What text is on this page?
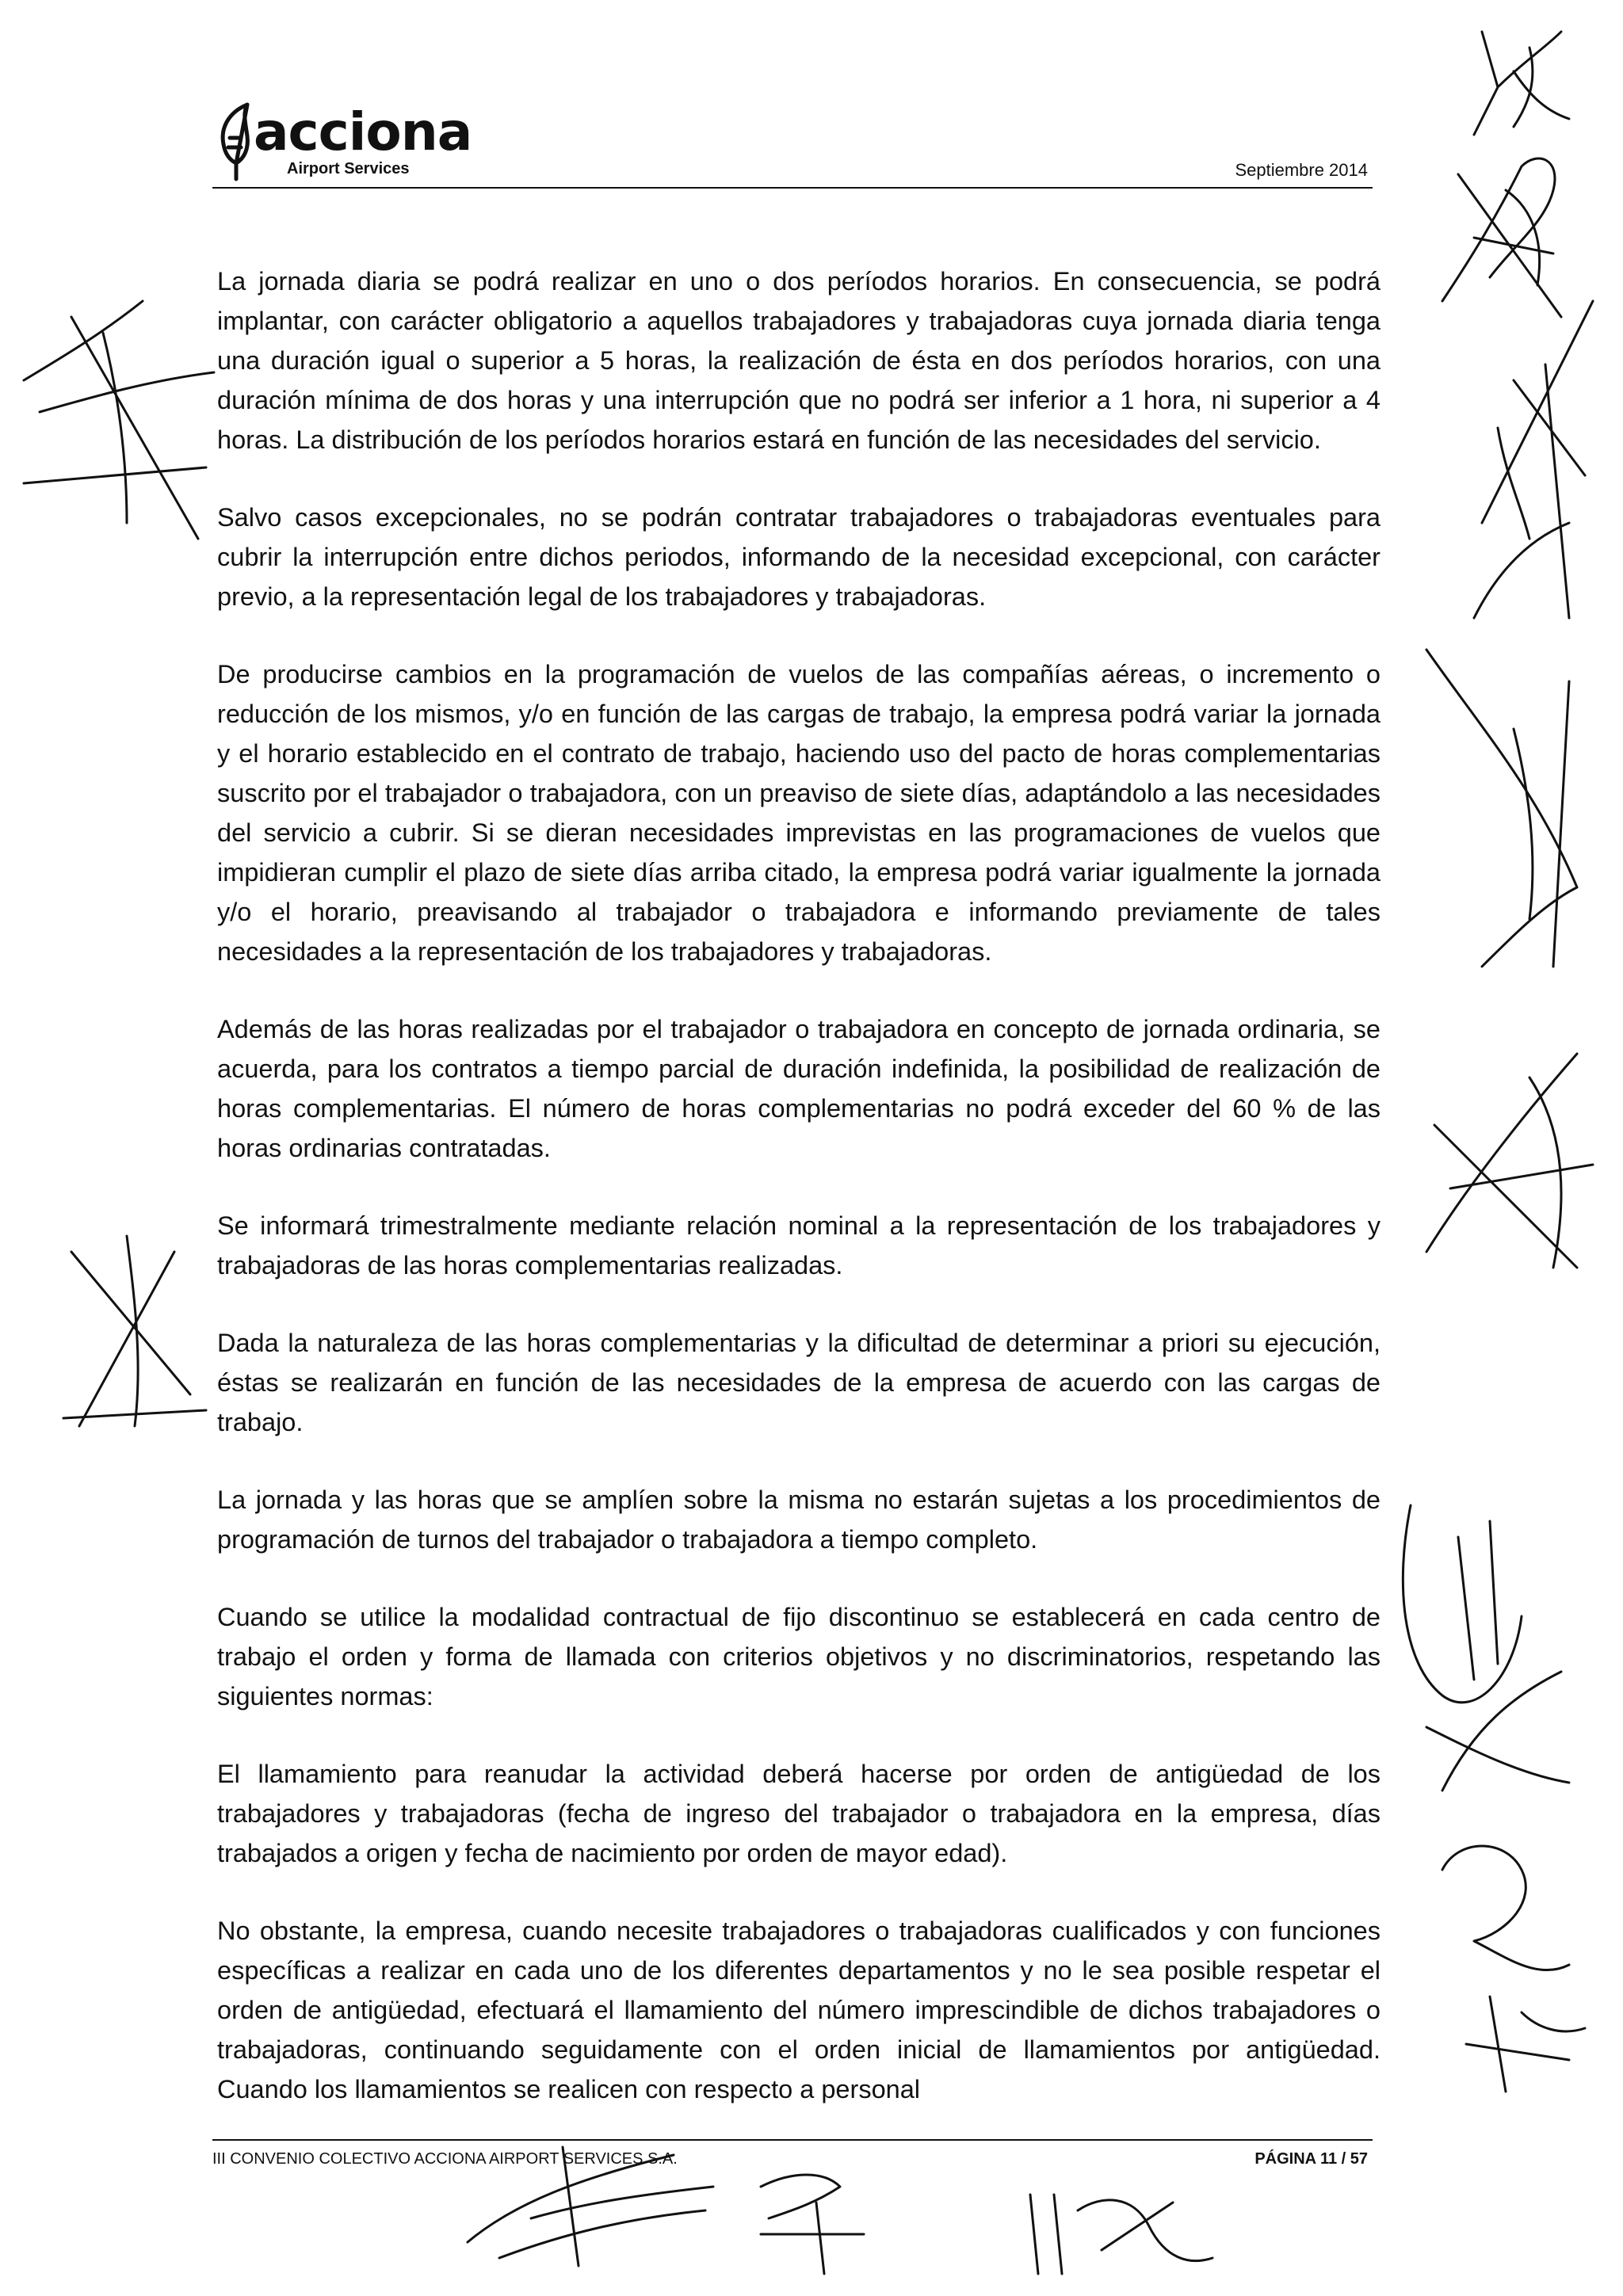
acciona
Airport Services	Septiembre 2014

La jornada diaria se podrá realizar en uno o dos períodos horarios. En consecuencia, se podrá implantar, con carácter obligatorio a aquellos trabajadores y trabajadoras cuya jornada diaria tenga una duración igual o superior a 5 horas, la realización de ésta en dos períodos horarios, con una duración mínima de dos horas y una interrupción que no podrá ser inferior a 1 hora, ni superior a 4 horas. La distribución de los períodos horarios estará en función de las necesidades del servicio.

Salvo casos excepcionales, no se podrán contratar trabajadores o trabajadoras eventuales para cubrir la interrupción entre dichos periodos, informando de la necesidad excepcional, con carácter previo, a la representación legal de los trabajadores y trabajadoras.

De producirse cambios en la programación de vuelos de las compañías aéreas, o incremento o reducción de los mismos, y/o en función de las cargas de trabajo, la empresa podrá variar la jornada y el horario establecido en el contrato de trabajo, haciendo uso del pacto de horas complementarias suscrito por el trabajador o trabajadora, con un preaviso de siete días, adaptándolo a las necesidades del servicio a cubrir. Si se dieran necesidades imprevistas en las programaciones de vuelos que impidieran cumplir el plazo de siete días arriba citado, la empresa podrá variar igualmente la jornada y/o el horario, preavisando al trabajador o trabajadora e informando previamente de tales necesidades a la representación de los trabajadores y trabajadoras.

Además de las horas realizadas por el trabajador o trabajadora en concepto de jornada ordinaria, se acuerda, para los contratos a tiempo parcial de duración indefinida, la posibilidad de realización de horas complementarias. El número de horas complementarias no podrá exceder del 60 % de las horas ordinarias contratadas.

Se informará trimestralmente mediante relación nominal a la representación de los trabajadores y trabajadoras de las horas complementarias realizadas.

Dada la naturaleza de las horas complementarias y la dificultad de determinar a priori su ejecución, éstas se realizarán en función de las necesidades de la empresa de acuerdo con las cargas de trabajo.

La jornada y las horas que se amplíen sobre la misma no estarán sujetas a los procedimientos de programación de turnos del trabajador o trabajadora a tiempo completo.

Cuando se utilice la modalidad contractual de fijo discontinuo se establecerá en cada centro de trabajo el orden y forma de llamada con criterios objetivos y no discriminatorios, respetando las siguientes normas:

El llamamiento para reanudar la actividad deberá hacerse por orden de antigüedad de los trabajadores y trabajadoras (fecha de ingreso del trabajador o trabajadora en la empresa, días trabajados a origen y fecha de nacimiento por orden de mayor edad).

No obstante, la empresa, cuando necesite trabajadores o trabajadoras cualificados y con funciones específicas a realizar en cada uno de los diferentes departamentos y no le sea posible respetar el orden de antigüedad, efectuará el llamamiento del número imprescindible de dichos trabajadores o trabajadoras, continuando seguidamente con el orden inicial de llamamientos por antigüedad. Cuando los llamamientos se realicen con respecto a personal

III CONVENIO COLECTIVO ACCIONA AIRPORT SERVICES S.A.	PÁGINA 11 / 57
